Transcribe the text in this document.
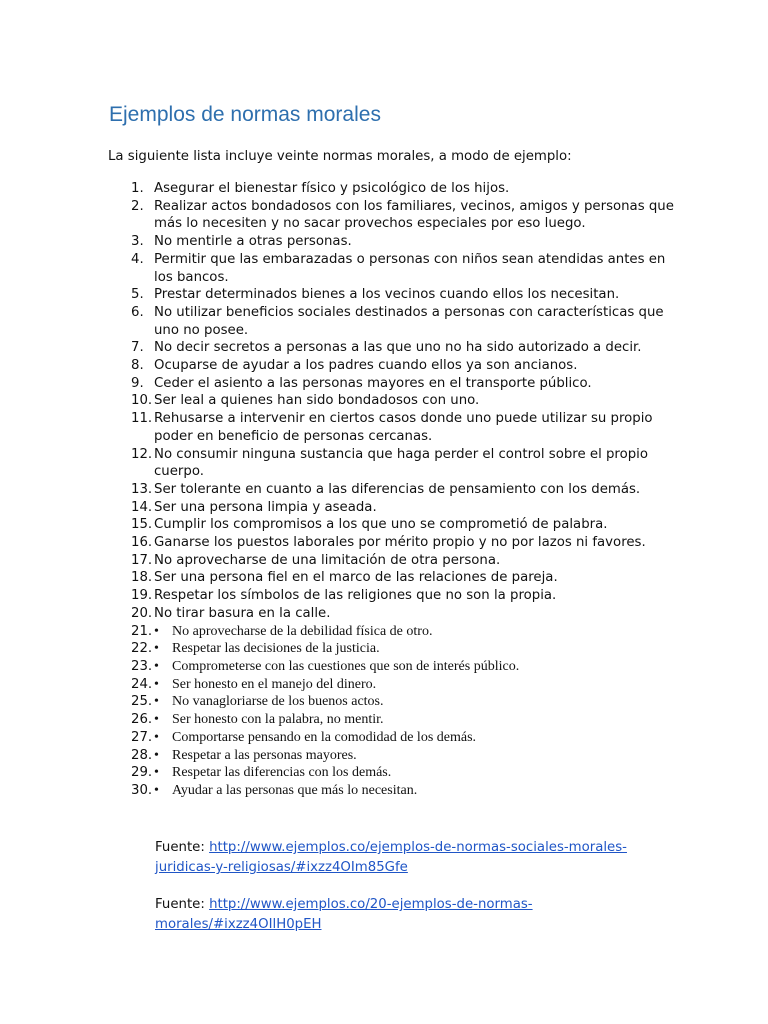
Ejemplos de normas morales
La siguiente lista incluye veinte normas morales, a modo de ejemplo:
1. Asegurar el bienestar físico y psicológico de los hijos.
2. Realizar actos bondadosos con los familiares, vecinos, amigos y personas que más lo necesiten y no sacar provechos especiales por eso luego.
3. No mentirle a otras personas.
4. Permitir que las embarazadas o personas con niños sean atendidas antes en los bancos.
5. Prestar determinados bienes a los vecinos cuando ellos los necesitan.
6. No utilizar beneficios sociales destinados a personas con características que uno no posee.
7. No decir secretos a personas a las que uno no ha sido autorizado a decir.
8. Ocuparse de ayudar a los padres cuando ellos ya son ancianos.
9. Ceder el asiento a las personas mayores en el transporte público.
10. Ser leal a quienes han sido bondadosos con uno.
11. Rehusarse a intervenir en ciertos casos donde uno puede utilizar su propio poder en beneficio de personas cercanas.
12. No consumir ninguna sustancia que haga perder el control sobre el propio cuerpo.
13. Ser tolerante en cuanto a las diferencias de pensamiento con los demás.
14. Ser una persona limpia y aseada.
15. Cumplir los compromisos a los que uno se comprometió de palabra.
16. Ganarse los puestos laborales por mérito propio y no por lazos ni favores.
17. No aprovecharse de una limitación de otra persona.
18. Ser una persona fiel en el marco de las relaciones de pareja.
19. Respetar los símbolos de las religiones que no son la propia.
20. No tirar basura en la calle.
21. • No aprovecharse de la debilidad física de otro.
22. • Respetar las decisiones de la justicia.
23. • Comprometerse con las cuestiones que son de interés público.
24. • Ser honesto en el manejo del dinero.
25. • No vanagloriarse de los buenos actos.
26. • Ser honesto con la palabra, no mentir.
27. • Comportarse pensando en la comodidad de los demás.
28. • Respetar a las personas mayores.
29. • Respetar las diferencias con los demás.
30. • Ayudar a las personas que más lo necesitan.
Fuente: http://www.ejemplos.co/ejemplos-de-normas-sociales-morales-juridicas-y-religiosas/#ixzz4OIm85Gfe
Fuente: http://www.ejemplos.co/20-ejemplos-de-normas-morales/#ixzz4OIlH0pEH
